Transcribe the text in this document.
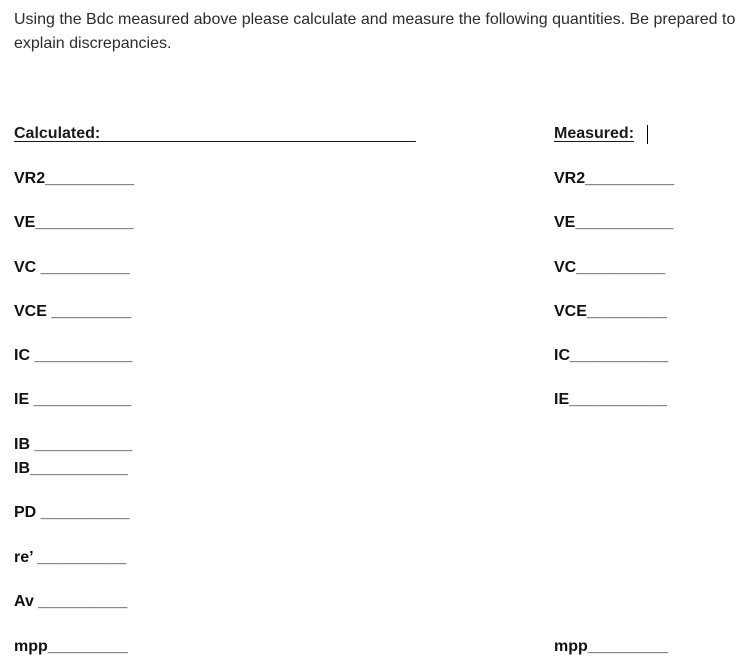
Using the Bdc measured above please calculate and measure the following quantities. Be prepared to explain discrepancies.
Calculated:	Measured:
VR2__________
VE___________
VC __________
VCE _________
IC ___________
IE ___________
IB ___________
IB___________
PD __________
re’ __________
Av __________
mpp_________
VR2__________
VE___________
VC__________
VCE_________
IC___________
IE___________
mpp_________
